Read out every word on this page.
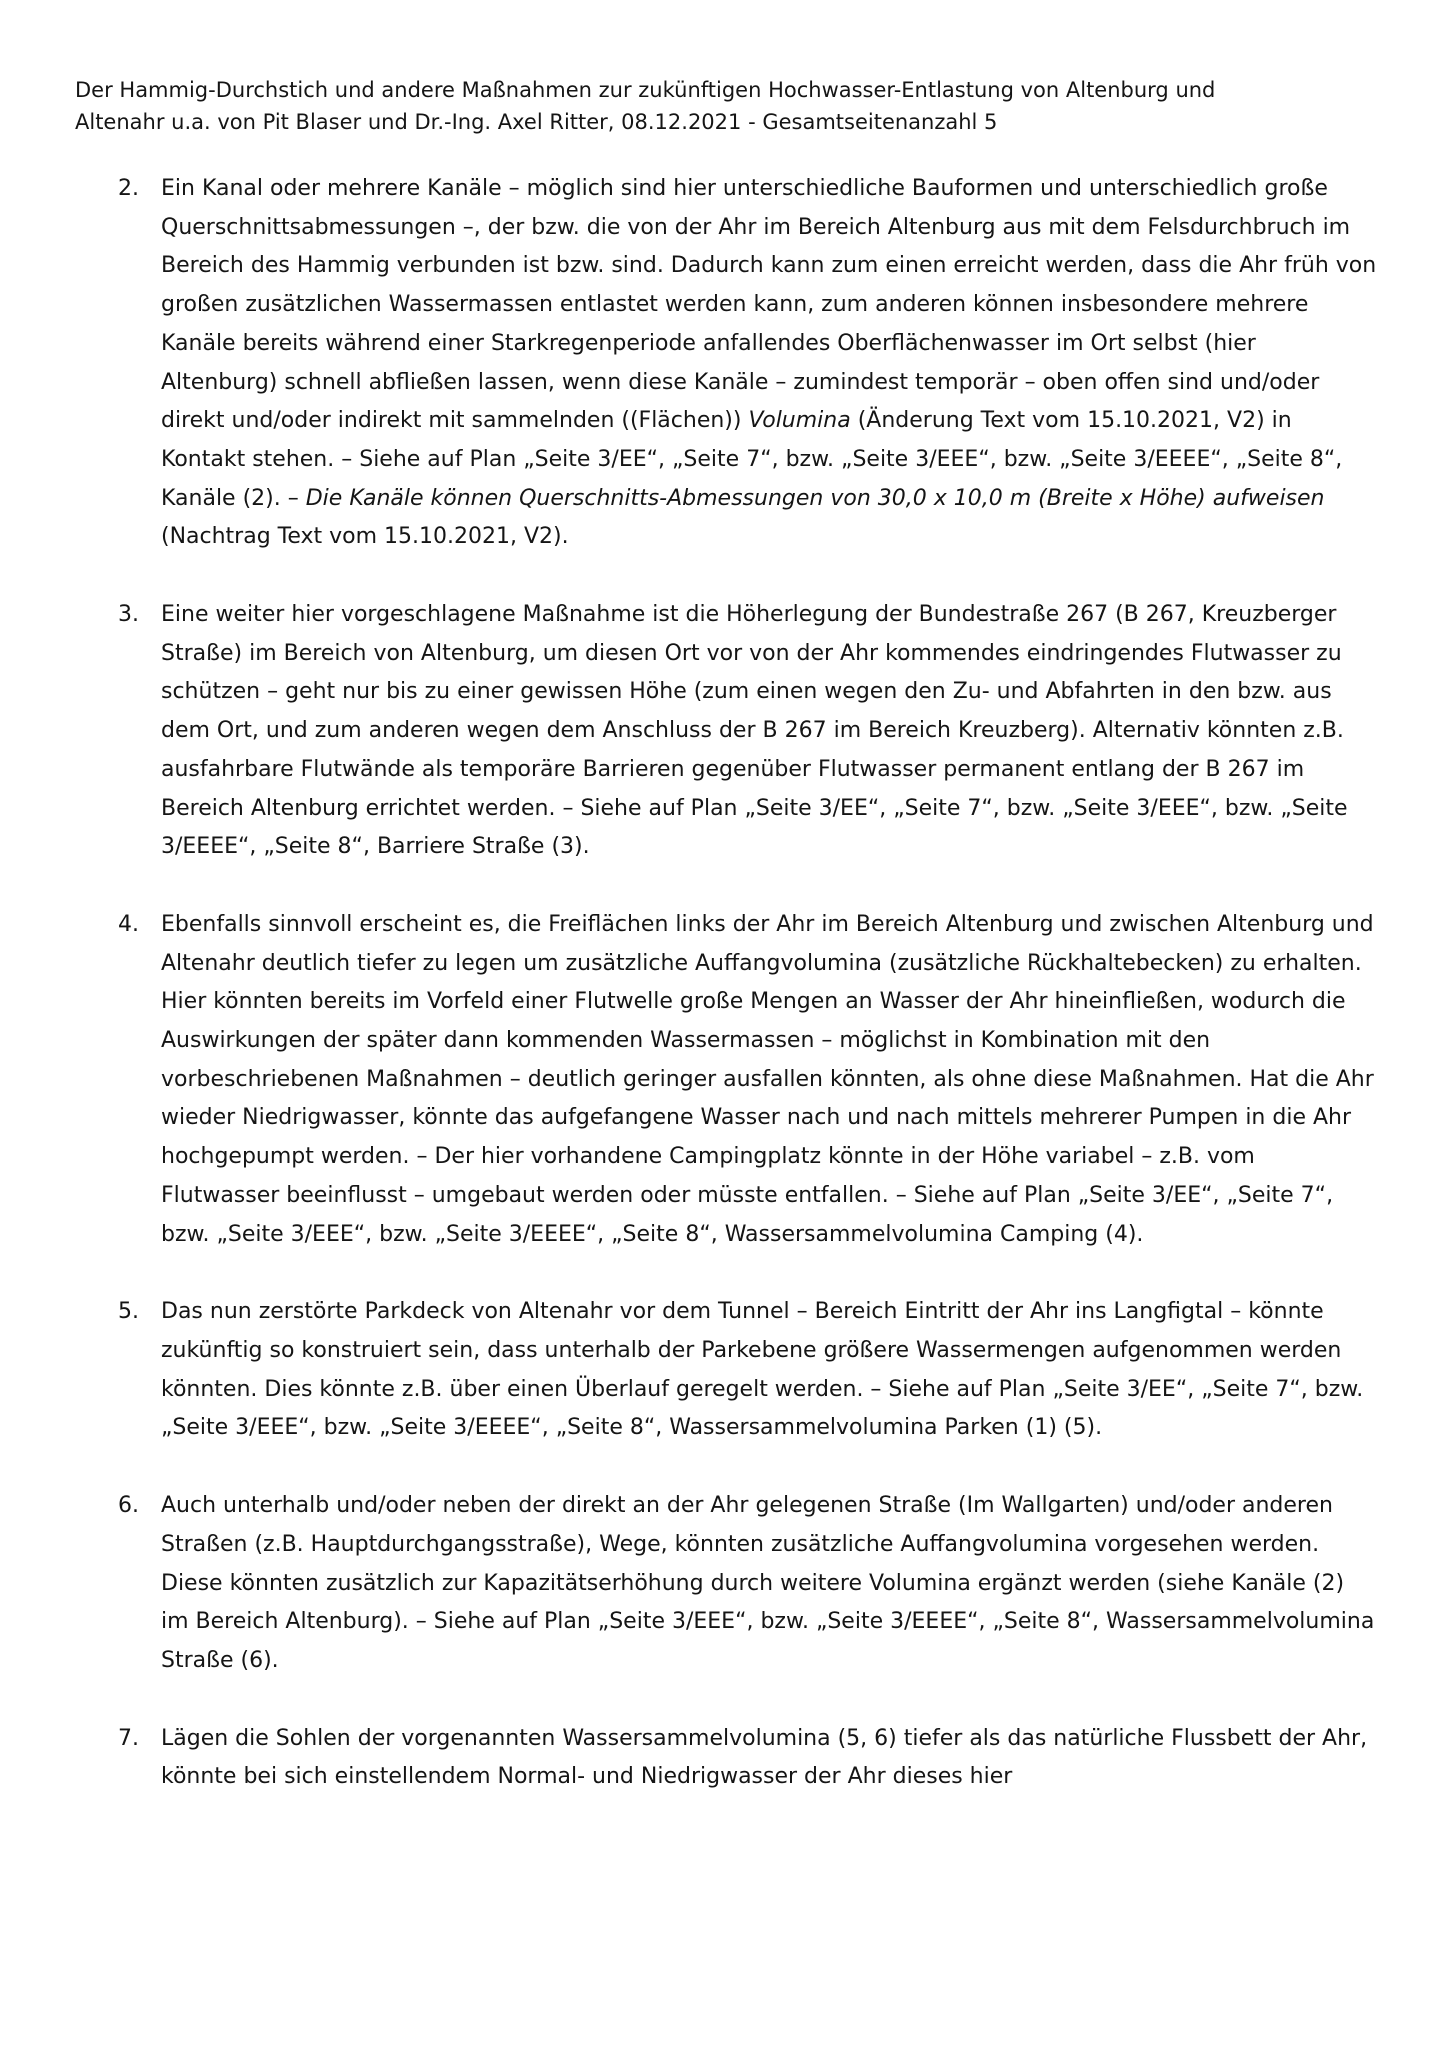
Der Hammig-Durchstich und andere Maßnahmen zur zukünftigen Hochwasser-Entlastung von Altenburg und
Altenahr u.a. von Pit Blaser und Dr.-Ing. Axel Ritter, 08.12.2021 - Gesamtseitenanzahl 5
2. Ein Kanal oder mehrere Kanäle – möglich sind hier unterschiedliche Bauformen und unterschiedlich große Querschnittsabmessungen –, der bzw. die von der Ahr im Bereich Altenburg aus mit dem Felsdurchbruch im Bereich des Hammig verbunden ist bzw. sind. Dadurch kann zum einen erreicht werden, dass die Ahr früh von großen zusätzlichen Wassermassen entlastet werden kann, zum anderen können insbesondere mehrere Kanäle bereits während einer Starkregenperiode anfallendes Oberflächenwasser im Ort selbst (hier Altenburg) schnell abfließen lassen, wenn diese Kanäle – zumindest temporär – oben offen sind und/oder direkt und/oder indirekt mit sammelnden ((Flächen)) Volumina (Änderung Text vom 15.10.2021, V2) in Kontakt stehen. – Siehe auf Plan „Seite 3/EE“, „Seite 7“, bzw. „Seite 3/EEE“, bzw. „Seite 3/EEEE“, „Seite 8“, Kanäle (2). – Die Kanäle können Querschnitts-Abmessungen von 30,0 x 10,0 m (Breite x Höhe) aufweisen (Nachtrag Text vom 15.10.2021, V2).
3. Eine weiter hier vorgeschlagene Maßnahme ist die Höherlegung der Bundestraße 267 (B 267, Kreuzberger Straße) im Bereich von Altenburg, um diesen Ort vor von der Ahr kommendes eindringendes Flutwasser zu schützen – geht nur bis zu einer gewissen Höhe (zum einen wegen den Zu- und Abfahrten in den bzw. aus dem Ort, und zum anderen wegen dem Anschluss der B 267 im Bereich Kreuzberg). Alternativ könnten z.B. ausfahrbare Flutwände als temporäre Barrieren gegenüber Flutwasser permanent entlang der B 267 im Bereich Altenburg errichtet werden. – Siehe auf Plan „Seite 3/EE“, „Seite 7“, bzw. „Seite 3/EEE“, bzw. „Seite 3/EEEE“, „Seite 8“, Barriere Straße (3).
4. Ebenfalls sinnvoll erscheint es, die Freiflächen links der Ahr im Bereich Altenburg und zwischen Altenburg und Altenahr deutlich tiefer zu legen um zusätzliche Auffangvolumina (zusätzliche Rückhaltebecken) zu erhalten. Hier könnten bereits im Vorfeld einer Flutwelle große Mengen an Wasser der Ahr hineinfließen, wodurch die Auswirkungen der später dann kommenden Wassermassen – möglichst in Kombination mit den vorbeschriebenen Maßnahmen – deutlich geringer ausfallen könnten, als ohne diese Maßnahmen. Hat die Ahr wieder Niedrigwasser, könnte das aufgefangene Wasser nach und nach mittels mehrerer Pumpen in die Ahr hochgepumpt werden. – Der hier vorhandene Campingplatz könnte in der Höhe variabel – z.B. vom Flutwasser beeinflusst – umgebaut werden oder müsste entfallen. – Siehe auf Plan „Seite 3/EE“, „Seite 7“, bzw. „Seite 3/EEE“, bzw. „Seite 3/EEEE“, „Seite 8“, Wassersammelvolumina Camping (4).
5. Das nun zerstörte Parkdeck von Altenahr vor dem Tunnel – Bereich Eintritt der Ahr ins Langfigtal – könnte zukünftig so konstruiert sein, dass unterhalb der Parkebene größere Wassermengen aufgenommen werden könnten. Dies könnte z.B. über einen Überlauf geregelt werden. – Siehe auf Plan „Seite 3/EE“, „Seite 7“, bzw. „Seite 3/EEE“, bzw. „Seite 3/EEEE“, „Seite 8“, Wassersammelvolumina Parken (1) (5).
6. Auch unterhalb und/oder neben der direkt an der Ahr gelegenen Straße (Im Wallgarten) und/oder anderen Straßen (z.B. Hauptdurchgangsstraße), Wege, könnten zusätzliche Auffangvolumina vorgesehen werden. Diese könnten zusätzlich zur Kapazitätserhöhung durch weitere Volumina ergänzt werden (siehe Kanäle (2) im Bereich Altenburg). – Siehe auf Plan „Seite 3/EEE“, bzw. „Seite 3/EEEE“, „Seite 8“, Wassersammelvolumina Straße (6).
7. Lägen die Sohlen der vorgenannten Wassersammelvolumina (5, 6) tiefer als das natürliche Flussbett der Ahr, könnte bei sich einstellendem Normal- und Niedrigwasser der Ahr dieses hier
